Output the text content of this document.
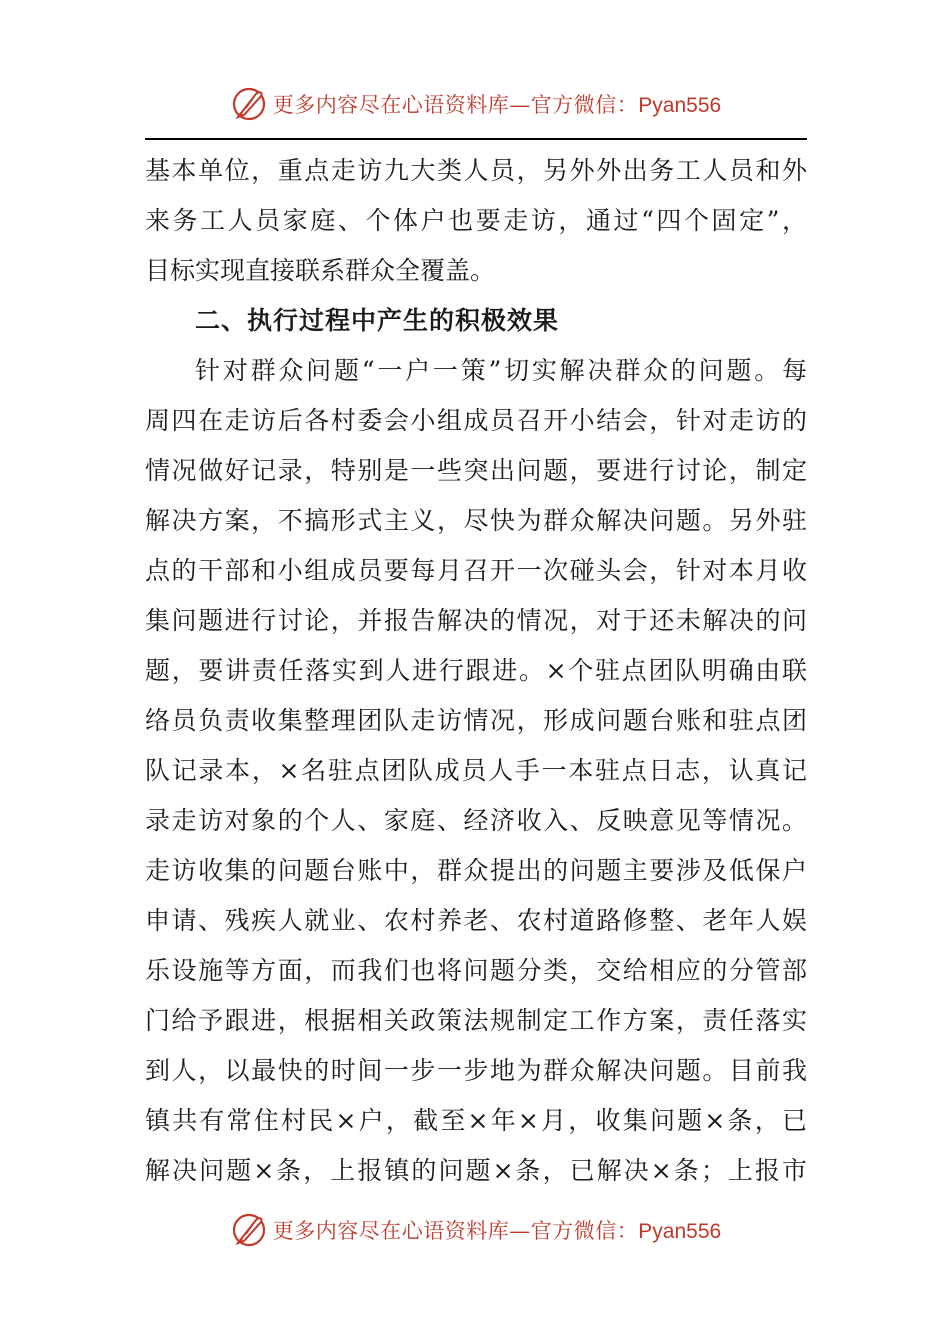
更多内容尽在心语资料库—官方微信：Pyan556
基本单位，重点走访九大类人员，另外外出务工人员和外
来务工人员家庭、个体户也要走访，通过“四个固定”，
目标实现直接联系群众全覆盖。
二、执行过程中产生的积极效果
针对群众问题“一户一策”切实解决群众的问题。每
周四在走访后各村委会小组成员召开小结会，针对走访的
情况做好记录，特别是一些突出问题，要进行讨论，制定
解决方案，不搞形式主义，尽快为群众解决问题。另外驻
点的干部和小组成员要每月召开一次碰头会，针对本月收
集问题进行讨论，并报告解决的情况，对于还未解决的问
题，要讲责任落实到人进行跟进。×个驻点团队明确由联
络员负责收集整理团队走访情况，形成问题台账和驻点团
队记录本，×名驻点团队成员人手一本驻点日志，认真记
录走访对象的个人、家庭、经济收入、反映意见等情况。
走访收集的问题台账中，群众提出的问题主要涉及低保户
申请、残疾人就业、农村养老、农村道路修整、老年人娱
乐设施等方面，而我们也将问题分类，交给相应的分管部
门给予跟进，根据相关政策法规制定工作方案，责任落实
到人，以最快的时间一步一步地为群众解决问题。目前我
镇共有常住村民×户，截至×年×月，收集问题×条，已
解决问题×条，上报镇的问题×条，已解决×条；上报市
更多内容尽在心语资料库—官方微信：Pyan556
